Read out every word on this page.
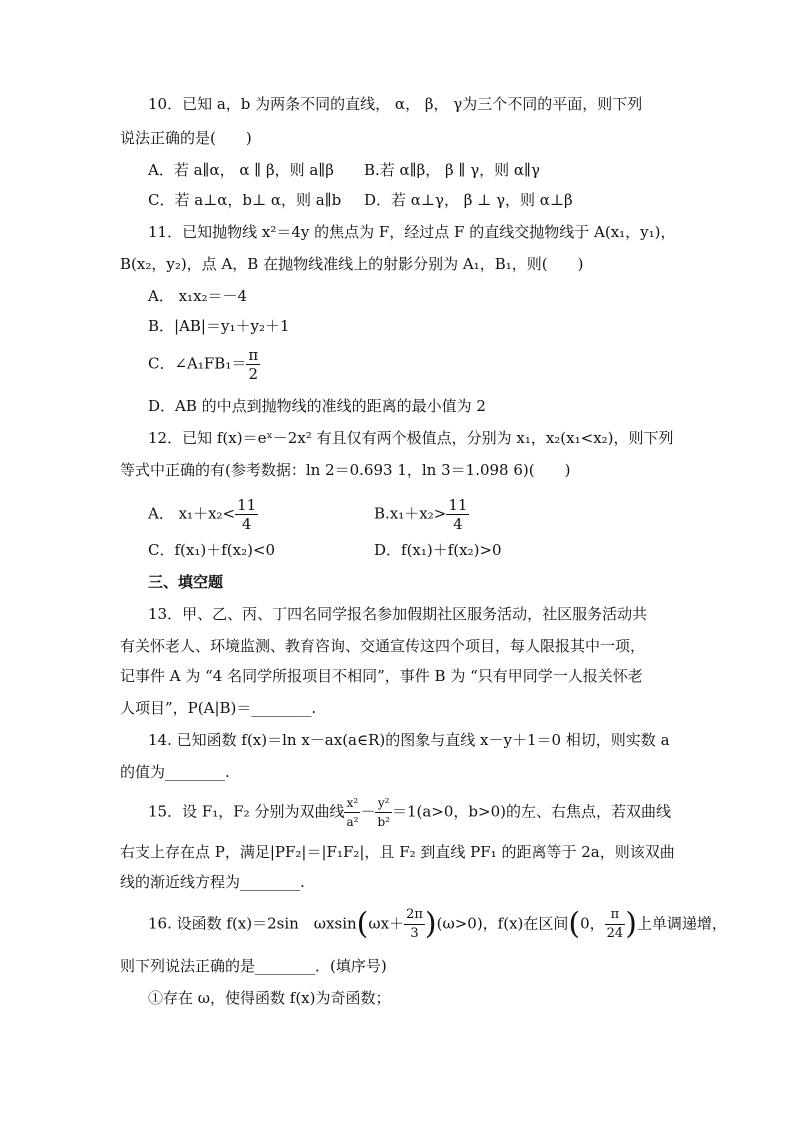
10．已知 a，b 为两条不同的直线， α， β， γ为三个不同的平面，则下列
说法正确的是(　　)
A．若 a∥α， α ∥ β，则 a∥β B.若 α∥β， β ∥ γ，则 α∥γ
C．若 a⊥α，b⊥ α，则 a∥b D．若 α⊥γ， β ⊥ γ，则 α⊥β
11．已知抛物线 x²＝4y 的焦点为 F，经过点 F 的直线交抛物线于 A(x₁，y₁)，
B(x₂，y₂)，点 A，B 在抛物线准线上的射影分别为 A₁，B₁，则(　　)
A． x₁x₂＝－4
B．|AB|＝y₁＋y₂＋1
C．∠A₁FB₁＝ $\frac{\pi}{2}$
D．AB 的中点到抛物线的准线的距离的最小值为 2
12．已知 f(x)＝eˣ－2x² 有且仅有两个极值点，分别为 x₁，x₂(x₁<x₂)，则下列
等式中正确的有(参考数据：ln 2＝0.693 1，ln 3＝1.098 6)(　　)
A． $x_1+x_2< \frac{11}{4}$	$B.x_1+x_2> \frac{11}{4}$
C．f(x₁)＋f(x₂)<0	D．f(x₁)＋f(x₂)>0
三、填空题
13．甲、乙、丙、丁四名同学报名参加假期社区服务活动，社区服务活动共
有关怀老人、环境监测、教育咨询、交通宣传这四个项目，每人限报其中一项，
记事件 A 为 “4 名同学所报项目不相同”，事件 B 为 “只有甲同学一人报关怀老
人项目”，P(A|B)＝________.
14. 已知函数 f(x)＝ln x－ax(a∈R)的图象与直线 x－y＋1＝0 相切，则实数 a
的值为________.
15．设 F₁，F₂ 分别为双曲线 $\frac{\text{x²}}{\text{a²}} - \frac{\text{y²}}{\text{b²}} =1(a>0$，b>0)的左、右焦点，若双曲线
右支上存在点 P，满足|PF₂|＝|F₁F₂|，且 F₂ 到直线 PF₁ 的距离等于 2a，则该双曲
线的渐近线方程为________.
16. 设函数 f(x)＝2sin　$\omega xsin(\omega x+ \frac{2\pi}{3} )(\omega>0)$，f(x)在区间(0， $\frac{\pi}{24}$ )上单调递增，
则下列说法正确的是________．(填序号)
①存在 ω，使得函数 f(x)为奇函数；
